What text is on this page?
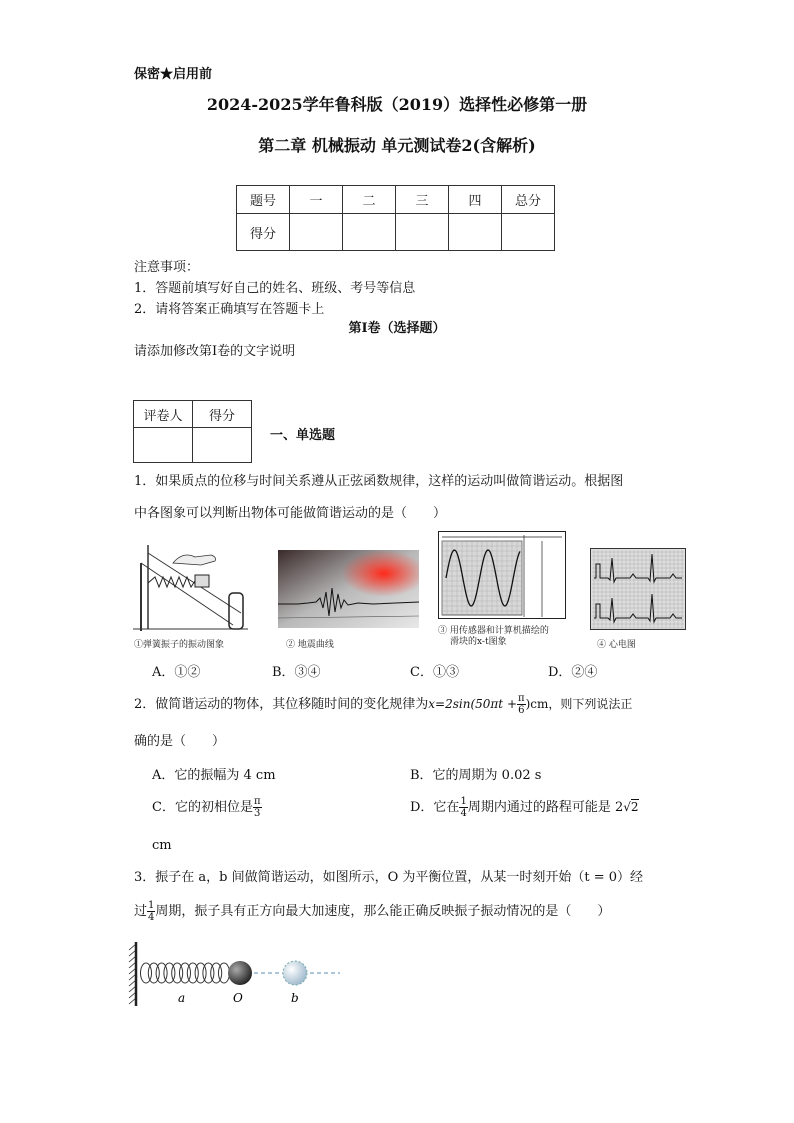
保密★启用前
2024-2025学年鲁科版（2019）选择性必修第一册
第二章 机械振动 单元测试卷2(含解析)
题号	一	二	三	四	总分
得分					
注意事项：
1．答题前填写好自己的姓名、班级、考号等信息
2．请将答案正确填写在答题卡上
第I卷（选择题）
请添加修改第I卷的文字说明
评卷人	得分

一、单选题
1．如果质点的位移与时间关系遵从正弦函数规律，这样的运动叫做简谐运动。根据图
中各图象可以判断出物体可能做简谐运动的是（　　）
①弹簧振子的振动图象	② 地震曲线
③ 用传感器和计算机描绘的
滑块的x-t图象	④ 心电图
A．①②	B．③④	C．①③	D．②④
2．做简谐运动的物体，其位移随时间的变化规律为$x=2\sin(50\pi t + \frac{\pi}{6} )cm$，则下列说法正
确的是（　　）
A．它的振幅为 4 cm	B．它的周期为 0.02 s
C．它的初相位是 $\frac{\pi}{3}$	D．它在 $\frac{1}{4}$ 周期内通过的路程可能是 2√2
cm
3．振子在 a，b 间做简谐运动，如图所示，O 为平衡位置，从某一时刻开始（t = 0）经
过 $\frac{1}{4}$ 周期，振子具有正方向最大加速度，那么能正确反映振子振动情况的是（　　）
a	O	b
